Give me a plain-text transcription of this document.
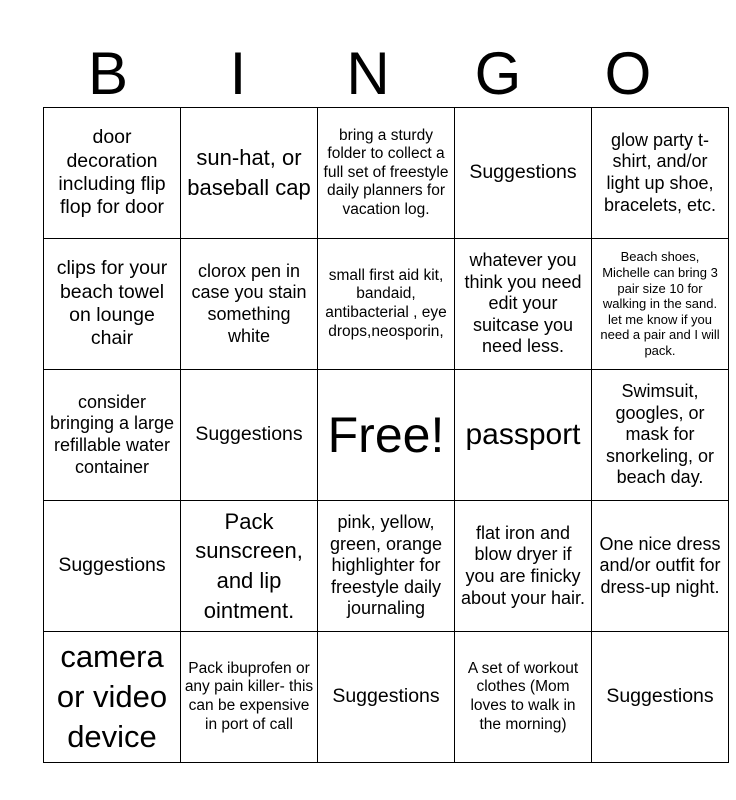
B	I	N	G	O
door decoration including flip flop for door	sun-hat, or baseball cap	bring a sturdy folder to collect a full set of freestyle daily planners for vacation log.	Suggestions	glow party t-shirt, and/or light up shoe, bracelets, etc.
clips for your beach towel on lounge chair	clorox pen in case you stain something white	small first aid kit, bandaid, antibacterial , eye drops,neosporin,	whatever you think you need edit your suitcase you need less.	Beach shoes, Michelle can bring 3 pair size 10 for walking in the sand. let me know if you need a pair and I will pack.
consider bringing a large refillable water container	Suggestions	Free!	passport	Swimsuit, googles, or mask for snorkeling, or beach day.
Suggestions	Pack sunscreen, and lip ointment.	pink, yellow, green, orange highlighter for freestyle daily journaling	flat iron and blow dryer if you are finicky about your hair.	One nice dress and/or outfit for dress-up night.
camera or video device	Pack ibuprofen or any pain killer- this can be expensive in port of call	Suggestions	A set of workout clothes (Mom loves to walk in the morning)	Suggestions
